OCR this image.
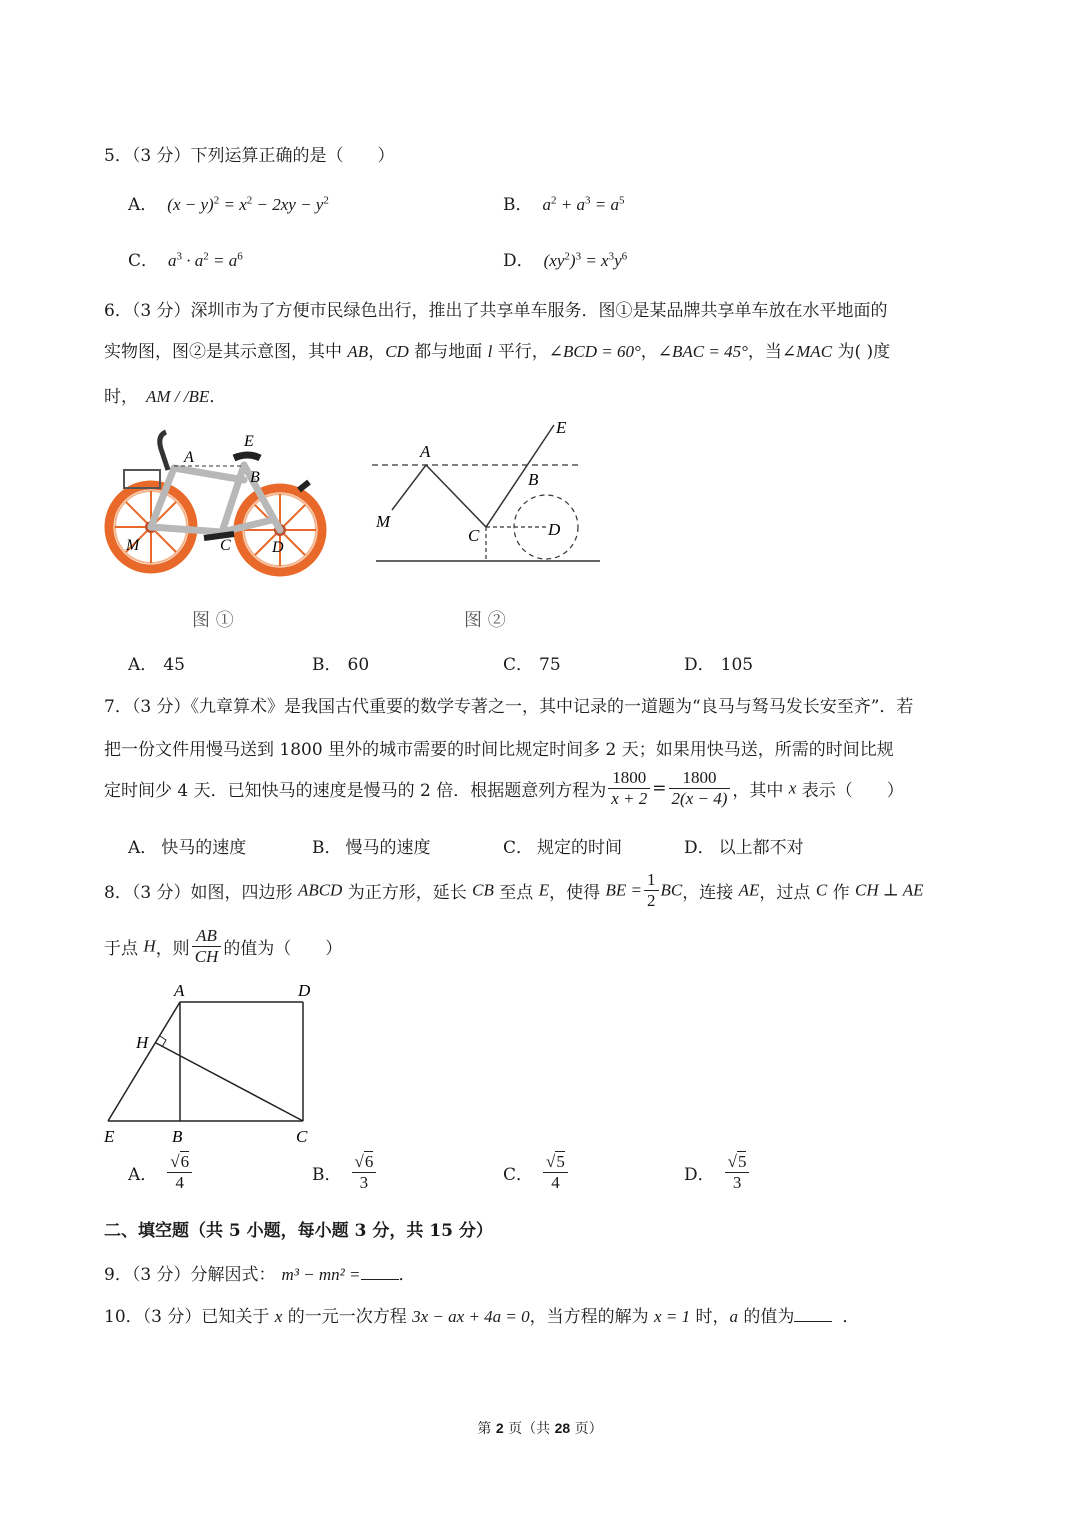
5．（3 分）下列运算正确的是（　　）
A． $(x - y)^2 = x^2 - 2xy - y^2$	B． $a^2 + a^3 = a^5$
C． $a^3 \cdot a^2 = a^6$	D． $(xy^2)^3 = x^3y^6$
6．（3 分）深圳市为了方便市民绿色出行，推出了共享单车服务．图①是某品牌共享单车放在水平地面的
实物图，图②是其示意图，其中 AB，CD 都与地面 l 平行，∠BCD = 60°，∠BAC = 45°，当∠MAC 为( )度
时， AM / /BE．
A
E
B
C
M	D
图 ①
A
E
B
M
C	D
图 ②
A． 45	B． 60	C． 75	D． 105
7．（3 分）《九章算术》是我国古代重要的数学专著之一，其中记录的一道题为“良马与驽马发长安至齐”．若
把一份文件用慢马送到 1800 里外的城市需要的时间比规定时间多 2 天；如果用快马送，所需的时间比规
定时间少 4 天．已知快马的速度是慢马的 2 倍．根据题意列方程为 $\frac{1800}{x + 2} = \frac{1800}{2(x - 4)}$ ，其中 x 表示（　　）
A． 快马的速度	B． 慢马的速度	C． 规定的时间	D． 以上都不对
8．（3 分）如图，四边形 ABCD 为正方形，延长 CB 至点 E，使得 BE = $\frac{1}{2}$ BC，连接 AE，过点 C 作 CH ⊥ AE
于点 H，则 $\frac{AB}{CH}$ 的值为（　　）
A	D
H
E	B	C
A． $\frac{√6}{4}$	B． $\frac{√6}{3}$	C． $\frac{√5}{4}$	D． $\frac{√5}{3}$
二、填空题（共 5 小题，每小题 3 分，共 15 分）
9．（3 分）分解因式： m³ − mn² = ．
10．（3 分）已知关于 x 的一元一次方程 3x − ax + 4a = 0，当方程的解为 x = 1 时，a 的值为	．
第 2 页（共 28 页）
